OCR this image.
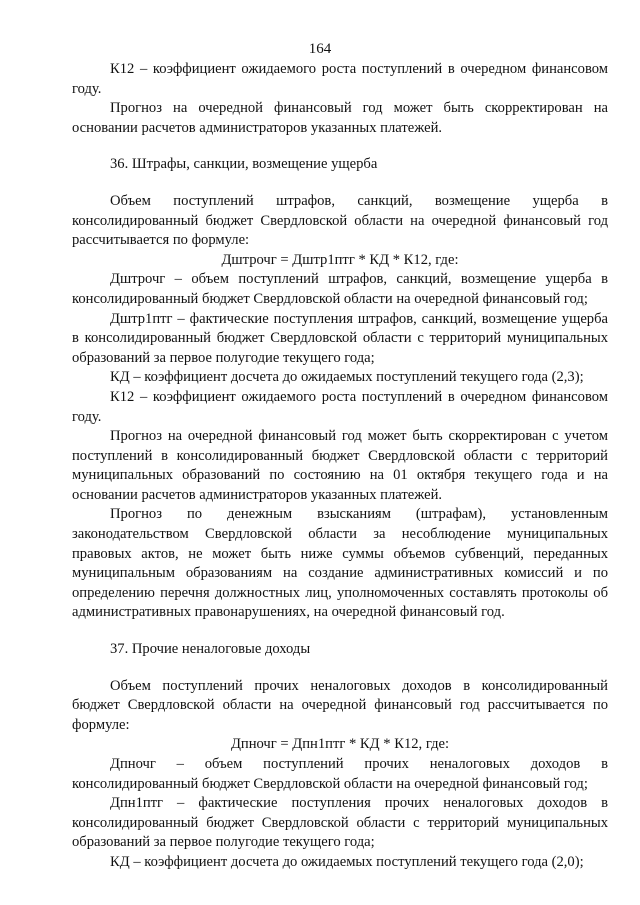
164

К12 – коэффициент ожидаемого роста поступлений в очередном финансовом году.

Прогноз на очередной финансовый год может быть скорректирован на основании расчетов администраторов указанных платежей.

36. Штрафы, санкции, возмещение ущерба

Объем поступлений штрафов, санкций, возмещение ущерба в консолидированный бюджет Свердловской области на очередной финансовый год рассчитывается по формуле:

Дштрочг = Дштр1птг * КД * К12, где:

Дштрочг – объем поступлений штрафов, санкций, возмещение ущерба в консолидированный бюджет Свердловской области на очередной финансовый год;

Дштр1птг – фактические поступления штрафов, санкций, возмещение ущерба в консолидированный бюджет Свердловской области с территорий муниципальных образований за первое полугодие текущего года;

КД – коэффициент досчета до ожидаемых поступлений текущего года (2,3);

К12 – коэффициент ожидаемого роста поступлений в очередном финансовом году.

Прогноз на очередной финансовый год может быть скорректирован с учетом поступлений в консолидированный бюджет Свердловской области с территорий муниципальных образований по состоянию на 01 октября текущего года и на основании расчетов администраторов указанных платежей.

Прогноз по денежным взысканиям (штрафам), установленным законодательством Свердловской области за несоблюдение муниципальных правовых актов, не может быть ниже суммы объемов субвенций, переданных муниципальным образованиям на создание административных комиссий и по определению перечня должностных лиц, уполномоченных составлять протоколы об административных правонарушениях, на очередной финансовый год.

37. Прочие неналоговые доходы

Объем поступлений прочих неналоговых доходов в консолидированный бюджет Свердловской области на очередной финансовый год рассчитывается по формуле:

Дпночг = Дпн1птг * КД * К12, где:

Дпночг – объем поступлений прочих неналоговых доходов в консолидированный бюджет Свердловской области на очередной финансовый год;

Дпн1птг – фактические поступления прочих неналоговых доходов в консолидированный бюджет Свердловской области с территорий муниципальных образований за первое полугодие текущего года;

КД – коэффициент досчета до ожидаемых поступлений текущего года (2,0);
